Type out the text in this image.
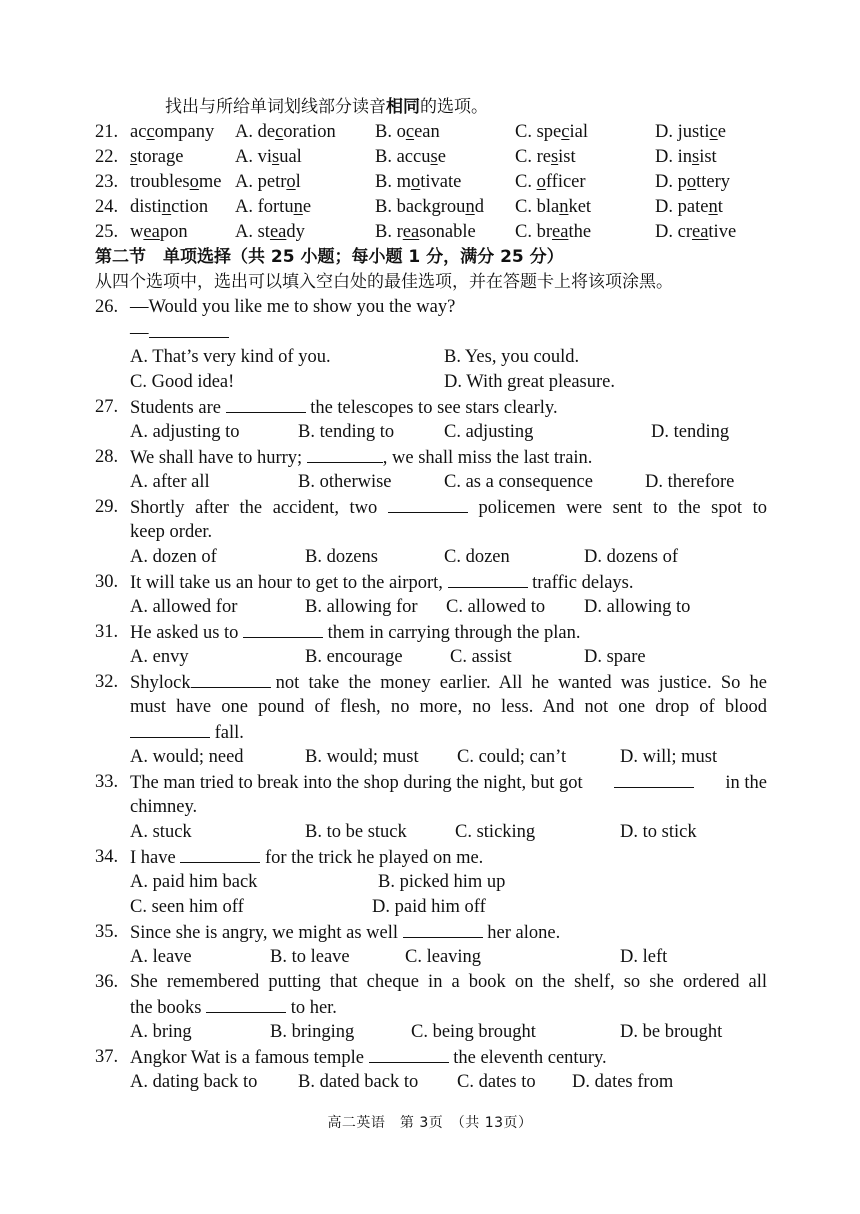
找出与所给单词划线部分读音相同的选项。
21. accompany A. decoration B. ocean	C. special	D. justice
22. storage	A. visual	B. accuse	C. resist	D. insist
23. troublesome A. petrol	B. motivate	C. officer	D. pottery
24. distinction A. fortune	B. background C. blanket	D. patent
25. weapon	A. steady	B. reasonable C. breathe	D. creative
第二节　单项选择（共 25 小题；每小题 1 分，满分 25 分）
从四个选项中，选出可以填入空白处的最佳选项，并在答题卡上将该项涂黑。
26. —Would you like me to show you the way?
—
A. That’s very kind of you.	B. Yes, you could.
C. Good idea!	D. With great pleasure.
27. Students are	the telescopes to see stars clearly.
A. adjusting to	B. tending to	C. adjusting	D. tending
28. We shall have to hurry;	, we shall miss the last train.
A. after all	B. otherwise	C. as a consequence	D. therefore
29. Shortly after the accident, two	policemen were sent to the spot to
keep order.
A. dozen of	B. dozens	C. dozen	D. dozens of
30. It will take us an hour to get to the airport,	traffic delays.
A. allowed for	B. allowing for C. allowed to D. allowing to
31. He asked us to	them in carrying through the plan.
A. envy	B. encourage	C. assist	D. spare
32. Shylock	not take the money earlier. All he wanted was justice. So he
must have one pound of flesh, no more, no less. And not one drop of blood
fall.
A. would; need	B. would; must C. could; can’t	D. will; must
33. The man tried to break into the shop during the night, but got	in the
chimney.
A. stuck	B. to be stuck	C. sticking	D. to stick
34. I have	for the trick he played on me.
A. paid him back	B. picked him up
C. seen him off	D. paid him off
35. Since she is angry, we might as well	her alone.
A. leave	B. to leave	C. leaving	D. left
36. She remembered putting that cheque in a book on the shelf, so she ordered all
the books	to her.
A. bring	B. bringing	C. being brought	D. be brought
37. Angkor Wat is a famous temple	the eleventh century.
A. dating back to B. dated back to C. dates to D. dates from
高二英语　第 3页　（共 13页）
